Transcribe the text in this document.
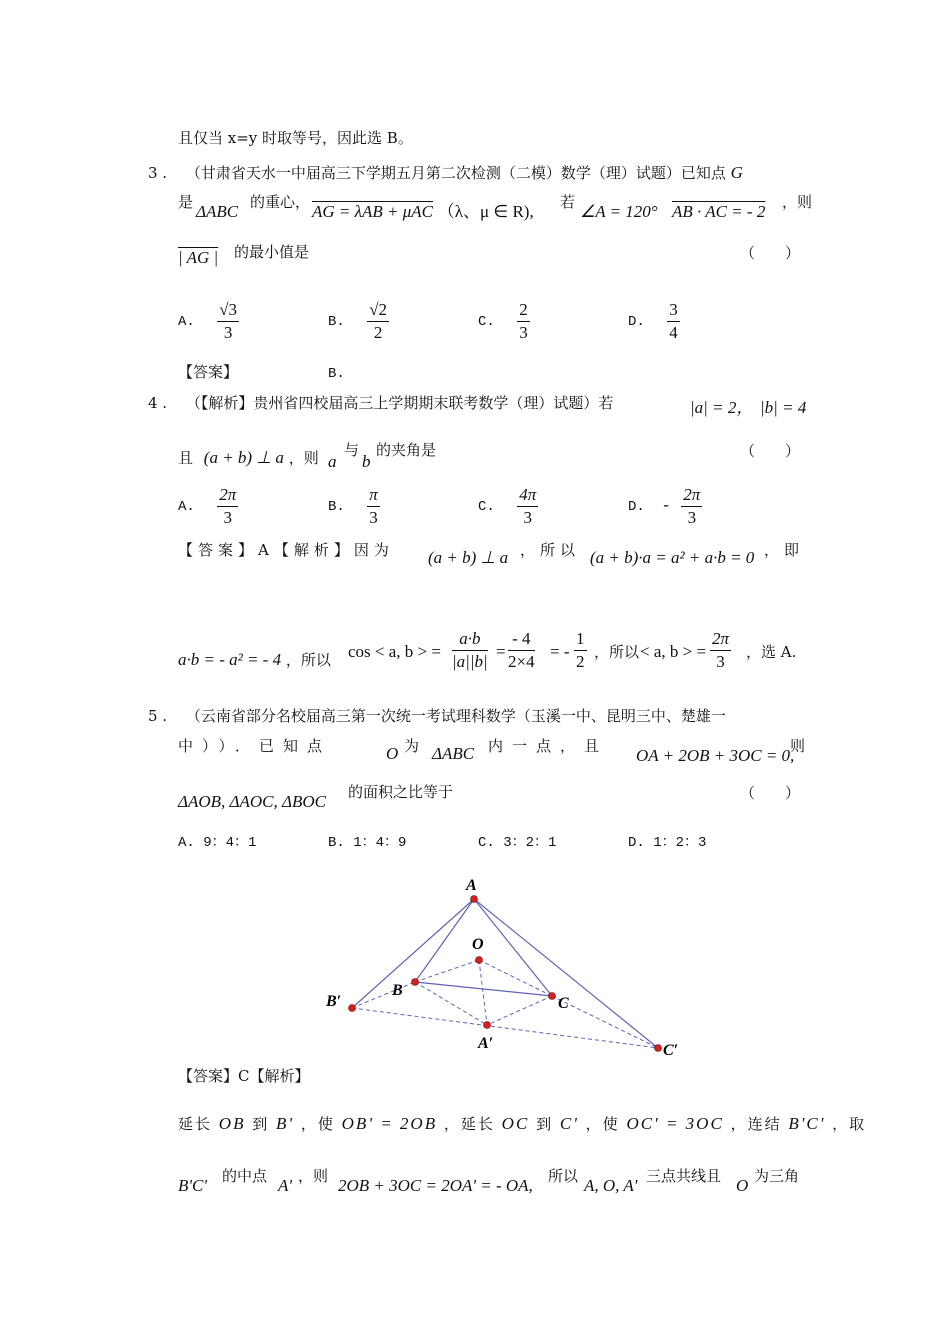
且仅当 x=y 时取等号，因此选 B。
3 . （甘肃省天水一中届高三下学期五月第二次检测（二模）数学（理）试题）已知点 G
是 ΔABC 的重心， AG = λAB + μAC （λ、μ ∈ R), 若 ∠A = 120° AB · AC = - 2 ，则
| AG | 的最小值是	（　　）
A. $\frac{√3}{3}$	B. $\frac{√2}{2}$	C. $\frac{2}{3}$	D. $\frac{3}{4}$
【答案】	B.
4 . （【解析】贵州省四校届高三上学期期末联考数学（理）试题）若	|a| = 2， |b| = 4
且 (a + b) ⊥ a ，则 a
与
b
的夹角是	（　　）
A. $\frac{2\pi}{3}$	B. $\frac{\pi}{3}$	C. $\frac{4\pi}{3}$	D. - $\frac{2\pi}{3}$
【答案】A【解析】因为 (a + b) ⊥ a ，所以 (a + b)·a = a² + a·b = 0 ，即
a·b = - a² = - 4 ，所以 cos < a, b > = $\frac{a\cdot b}{|a||b|} = \frac{- 4}{2\times 4}$ = - $\frac{1}{2}$ ，所以 < a, b > = $\frac{2\pi}{3}$ ，选 A.
5 . （云南省部分名校届高三第一次统一考试理科数学（玉溪一中、昆明三中、楚雄一
中））．已知点	O 为 ΔABC 内一点，且 OA + 2OB + 3OC = 0,
则
ΔAOB, ΔAOC, ΔBOC 的面积之比等于	（　　）
A. 9：4：1	B. 1：4：9	C. 3：2：1	D. 1：2：3
A
O
B
C
B′
A′	C′
【答案】C【解析】
延长 OB 到 B' ，使 OB' = 2OB ，延长 OC 到 C' ，使 OC' = 3OC ，连结 B'C' ，取
B'C' 的中点 A' ，则 2OB + 3OC = 2OA' = - OA, 所以 A, O, A' 三点共线且 O 为三角
